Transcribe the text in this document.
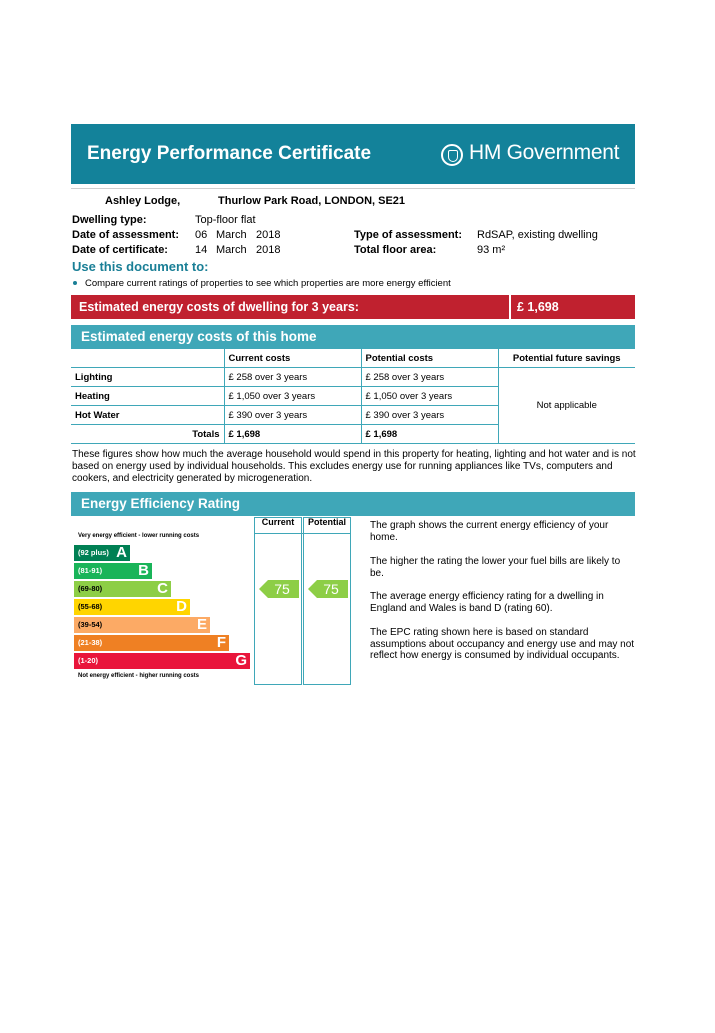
Energy Performance Certificate	HM Government
Ashley Lodge,	Thurlow Park Road, LONDON, SE21
Dwelling type:	Top-floor flat
Date of assessment: 06 March 2018
Date of certificate: 14 March 2018
Type of assessment: RdSAP, existing dwelling
Total floor area:	93 m²
Use this document to:
Compare current ratings of properties to see which properties are more energy efficient
Estimated energy costs of dwelling for 3 years:	£ 1,698
Estimated energy costs of this home
	Current costs	Potential costs	Potential future savings
Lighting	£ 258 over 3 years	£ 258 over 3 years	Not applicable
Heating	£ 1,050 over 3 years	£ 1,050 over 3 years	
Hot Water	£ 390 over 3 years	£ 390 over 3 years	
Totals	£ 1,698	£ 1,698	
These figures show how much the average household would spend in this property for heating, lighting and hot water and is not based on energy used by individual households. This excludes energy use for running appliances like TVs, computers and cookers, and electricity generated by microgeneration.
Energy Efficiency Rating
Very energy efficient - lower running costs
(92 plus) A
(81-91) B
(69-80)	C
(55-68)	D
(39-54)	E
(21-38)	F
(1-20)	G
Not energy efficient - higher running costs
Current	Potential
75 75
The graph shows the current energy efficiency of your home.
The higher the rating the lower your fuel bills are likely to be.
The average energy efficiency rating for a dwelling in England and Wales is band D (rating 60).
The EPC rating shown here is based on standard assumptions about occupancy and energy use and may not reflect how energy is consumed by individual occupants.
